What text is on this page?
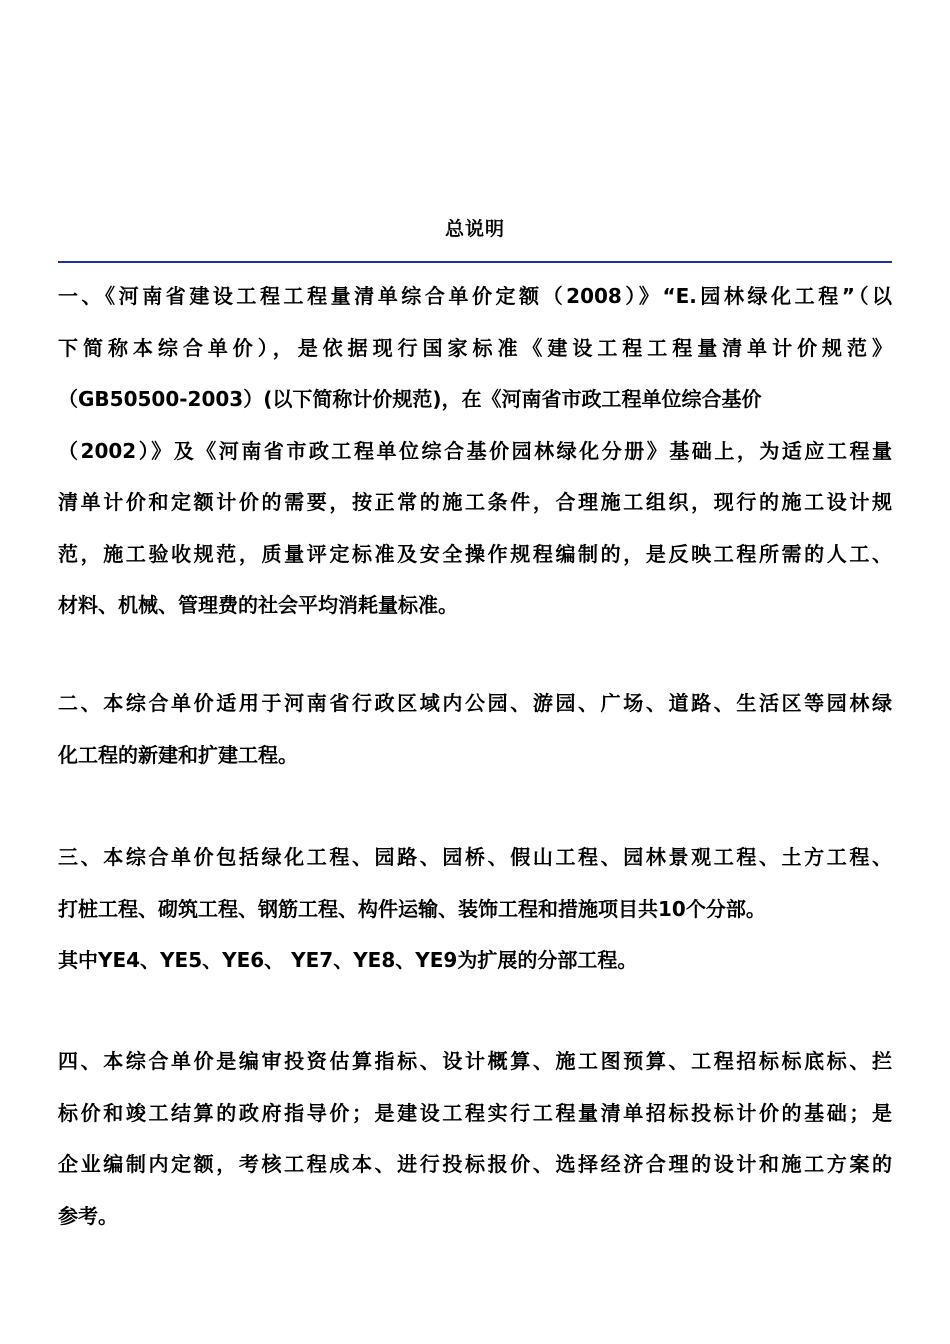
总说明
一、《河南省建设工程工程量清单综合单价定额（2008）》“E.园林绿化工程”（以
下简称本综合单价），是依据现行国家标准《建设工程工程量清单计价规范》
（GB50500-2003）(以下简称计价规范)，在《河南省市政工程单位综合基价
（2002）》及《河南省市政工程单位综合基价园林绿化分册》基础上，为适应工程量
清单计价和定额计价的需要，按正常的施工条件，合理施工组织，现行的施工设计规
范，施工验收规范，质量评定标准及安全操作规程编制的，是反映工程所需的人工、
材料、机械、管理费的社会平均消耗量标准。
二、本综合单价适用于河南省行政区域内公园、游园、广场、道路、生活区等园林绿
化工程的新建和扩建工程。
三、本综合单价包括绿化工程、园路、园桥、假山工程、园林景观工程、土方工程、
打桩工程、砌筑工程、钢筋工程、构件运输、装饰工程和措施项目共10个分部。
其中YE4、YE5、YE6、 YE7、YE8、YE9为扩展的分部工程。
四、本综合单价是编审投资估算指标、设计概算、施工图预算、工程招标标底标、拦
标价和竣工结算的政府指导价；是建设工程实行工程量清单招标投标计价的基础；是
企业编制内定额，考核工程成本、进行投标报价、选择经济合理的设计和施工方案的
参考。
